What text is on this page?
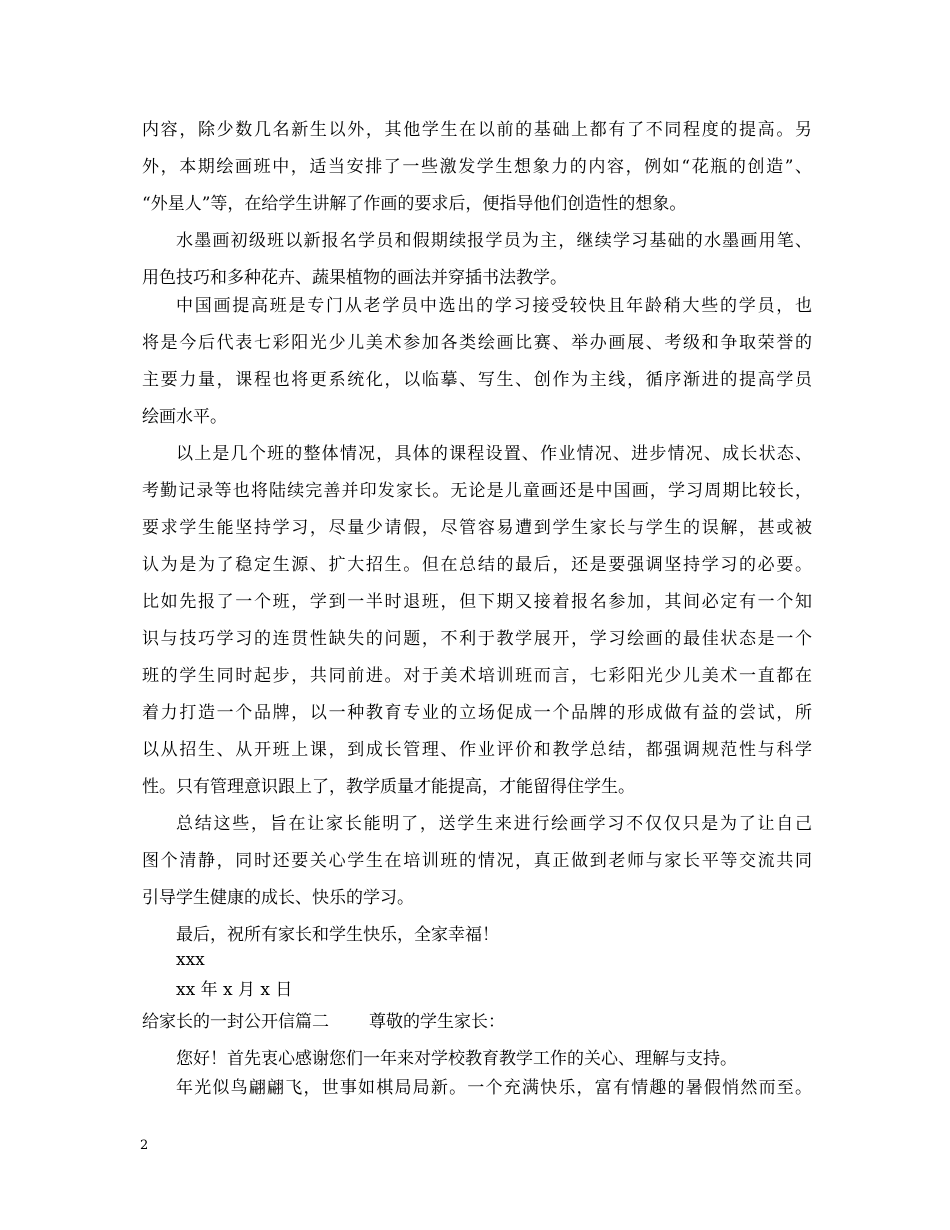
内容，除少数几名新生以外，其他学生在以前的基础上都有了不同程度的提高。另
外，本期绘画班中，适当安排了一些激发学生想象力的内容，例如“花瓶的创造”、
“外星人”等，在给学生讲解了作画的要求后，便指导他们创造性的想象。
水墨画初级班以新报名学员和假期续报学员为主，继续学习基础的水墨画用笔、
用色技巧和多种花卉、蔬果植物的画法并穿插书法教学。
中国画提高班是专门从老学员中选出的学习接受较快且年龄稍大些的学员，也
将是今后代表七彩阳光少儿美术参加各类绘画比赛、举办画展、考级和争取荣誉的
主要力量，课程也将更系统化，以临摹、写生、创作为主线，循序渐进的提高学员
绘画水平。
以上是几个班的整体情况，具体的课程设置、作业情况、进步情况、成长状态、
考勤记录等也将陆续完善并印发家长。无论是儿童画还是中国画，学习周期比较长，
要求学生能坚持学习，尽量少请假，尽管容易遭到学生家长与学生的误解，甚或被
认为是为了稳定生源、扩大招生。但在总结的最后，还是要强调坚持学习的必要。
比如先报了一个班，学到一半时退班，但下期又接着报名参加，其间必定有一个知
识与技巧学习的连贯性缺失的问题，不利于教学展开，学习绘画的最佳状态是一个
班的学生同时起步，共同前进。对于美术培训班而言，七彩阳光少儿美术一直都在
着力打造一个品牌，以一种教育专业的立场促成一个品牌的形成做有益的尝试，所
以从招生、从开班上课，到成长管理、作业评价和教学总结，都强调规范性与科学
性。只有管理意识跟上了，教学质量才能提高，才能留得住学生。
总结这些，旨在让家长能明了，送学生来进行绘画学习不仅仅只是为了让自己
图个清静，同时还要关心学生在培训班的情况，真正做到老师与家长平等交流共同
引导学生健康的成长、快乐的学习。
最后，祝所有家长和学生快乐，全家幸福！
xxx
xx 年 x 月 x 日
给家长的一封公开信篇二 尊敬的学生家长：
您好！首先衷心感谢您们一年来对学校教育教学工作的关心、理解与支持。
年光似鸟翩翩飞，世事如棋局局新。一个充满快乐，富有情趣的暑假悄然而至。
2
